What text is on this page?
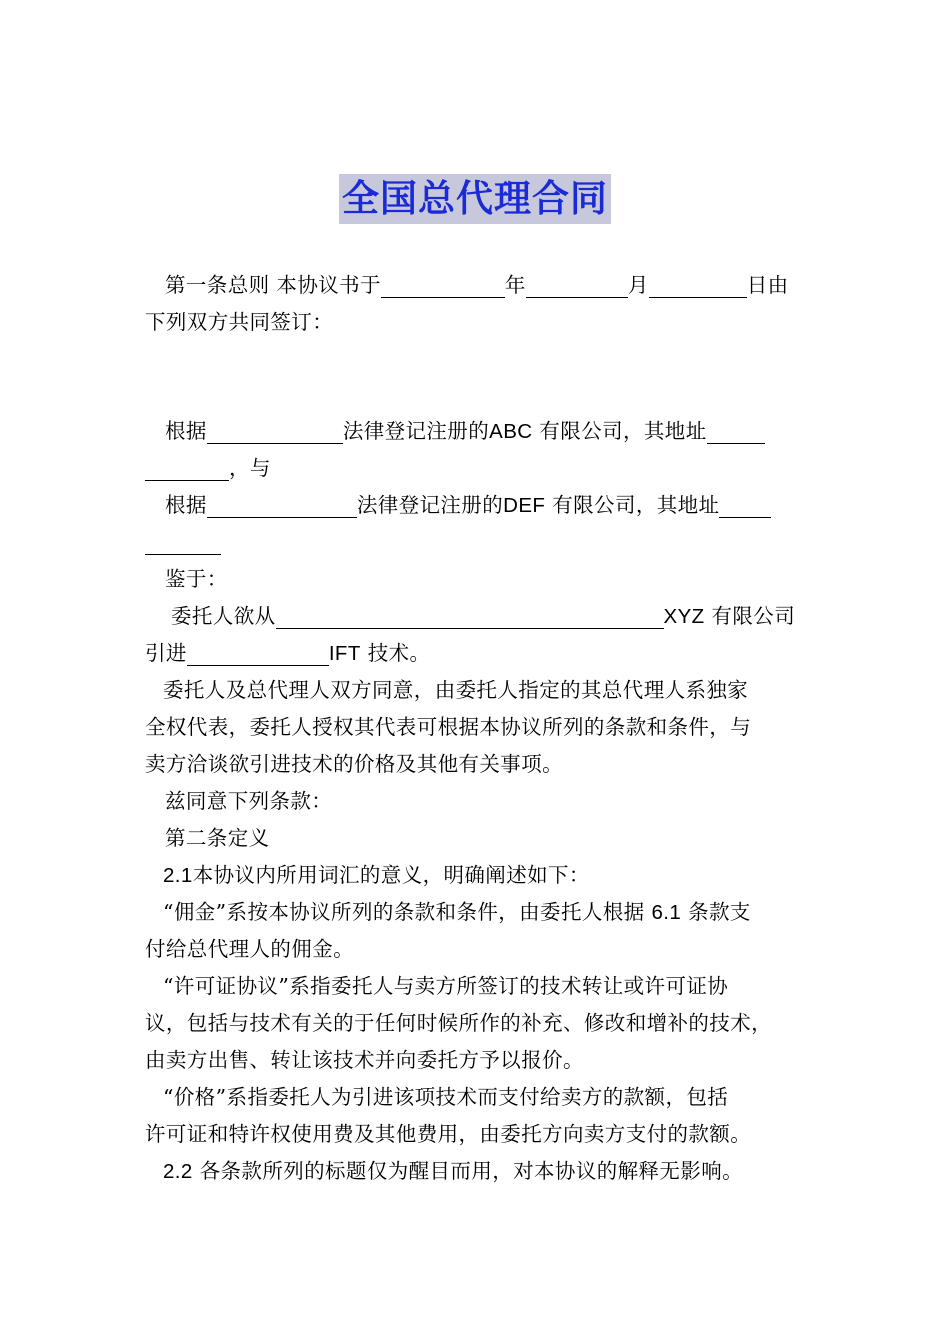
全国总代理合同
第一条总则 本协议书于	年	月	日由
下列双方共同签订：
根据	法律登记注册的ABC 有限公司，其地址
，与
根据	法律登记注册的DEF 有限公司，其地址
鉴于：
委托人欲从	XYZ 有限公司
引进	IFT 技术。
委托人及总代理人双方同意，由委托人指定的其总代理人系独家
全权代表，委托人授权其代表可根据本协议所列的条款和条件，与
卖方洽谈欲引进技术的价格及其他有关事项。
兹同意下列条款：
第二条定义
2.1本协议内所用词汇的意义，明确阐述如下：
“佣金”系按本协议所列的条款和条件，由委托人根据 6.1 条款支
付给总代理人的佣金。
“许可证协议”系指委托人与卖方所签订的技术转让或许可证协
议，包括与技术有关的于任何时候所作的补充、修改和增补的技术，
由卖方出售、转让该技术并向委托方予以报价。
“价格”系指委托人为引进该项技术而支付给卖方的款额，包括
许可证和特许权使用费及其他费用，由委托方向卖方支付的款额。
2.2 各条款所列的标题仅为醒目而用，对本协议的解释无影响。
